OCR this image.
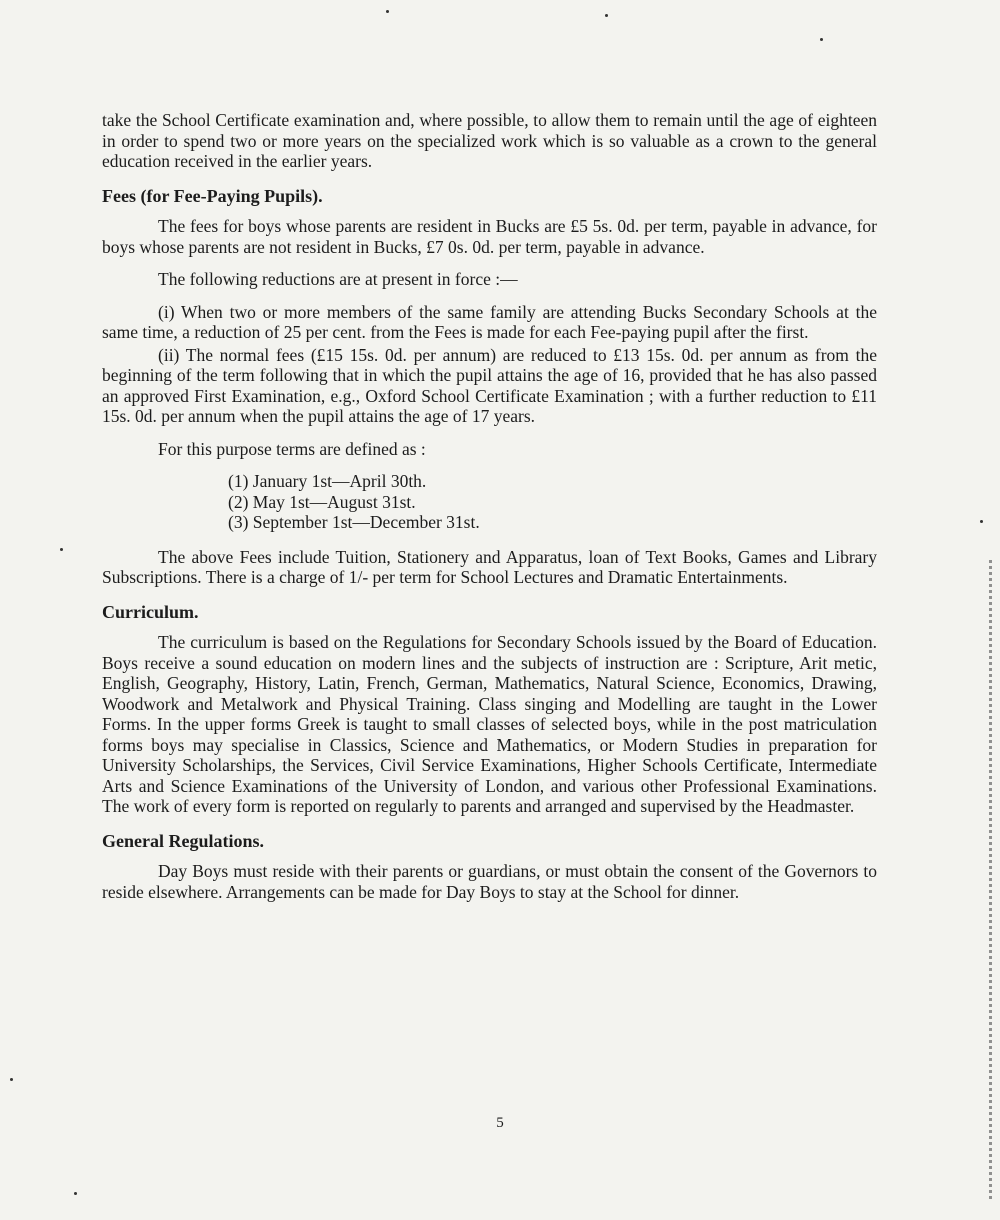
take the School Certificate examination and, where possible, to allow them to remain until the age of eighteen in order to spend two or more years on the specialized work which is so valuable as a crown to the general education received in the earlier years.

Fees (for Fee-Paying Pupils).

The fees for boys whose parents are resident in Bucks are £5 5s. 0d. per term, payable in advance, for boys whose parents are not resident in Bucks, £7 0s. 0d. per term, payable in advance.

The following reductions are at present in force :—

(i) When two or more members of the same family are attending Bucks Secondary Schools at the same time, a reduction of 25 per cent. from the Fees is made for each Fee-paying pupil after the first.

(ii) The normal fees (£15 15s. 0d. per annum) are reduced to £13 15s. 0d. per annum as from the beginning of the term following that in which the pupil attains the age of 16, provided that he has also passed an approved First Examination, e.g., Oxford School Certificate Examination ; with a further reduction to £11 15s. 0d. per annum when the pupil attains the age of 17 years.

For this purpose terms are defined as :

(1) January 1st—April 30th.
(2) May 1st—August 31st.
(3) September 1st—December 31st.

The above Fees include Tuition, Stationery and Apparatus, loan of Text Books, Games and Library Subscriptions. There is a charge of 1/- per term for School Lectures and Dramatic Entertainments.

Curriculum.

The curriculum is based on the Regulations for Secondary Schools issued by the Board of Education. Boys receive a sound education on modern lines and the subjects of instruction are : Scripture, Arit metic, English, Geography, History, Latin, French, German, Mathematics, Natural Science, Economics, Drawing, Woodwork and Metalwork and Physical Training. Class singing and Modelling are taught in the Lower Forms. In the upper forms Greek is taught to small classes of selected boys, while in the post matriculation forms boys may specialise in Classics, Science and Mathematics, or Modern Studies in preparation for University Scholarships, the Services, Civil Service Examinations, Higher Schools Certificate, Intermediate Arts and Science Examinations of the University of London, and various other Professional Examinations. The work of every form is reported on regularly to parents and arranged and supervised by the Headmaster.

General Regulations.

Day Boys must reside with their parents or guardians, or must obtain the consent of the Governors to reside elsewhere. Arrangements can be made for Day Boys to stay at the School for dinner.

5
